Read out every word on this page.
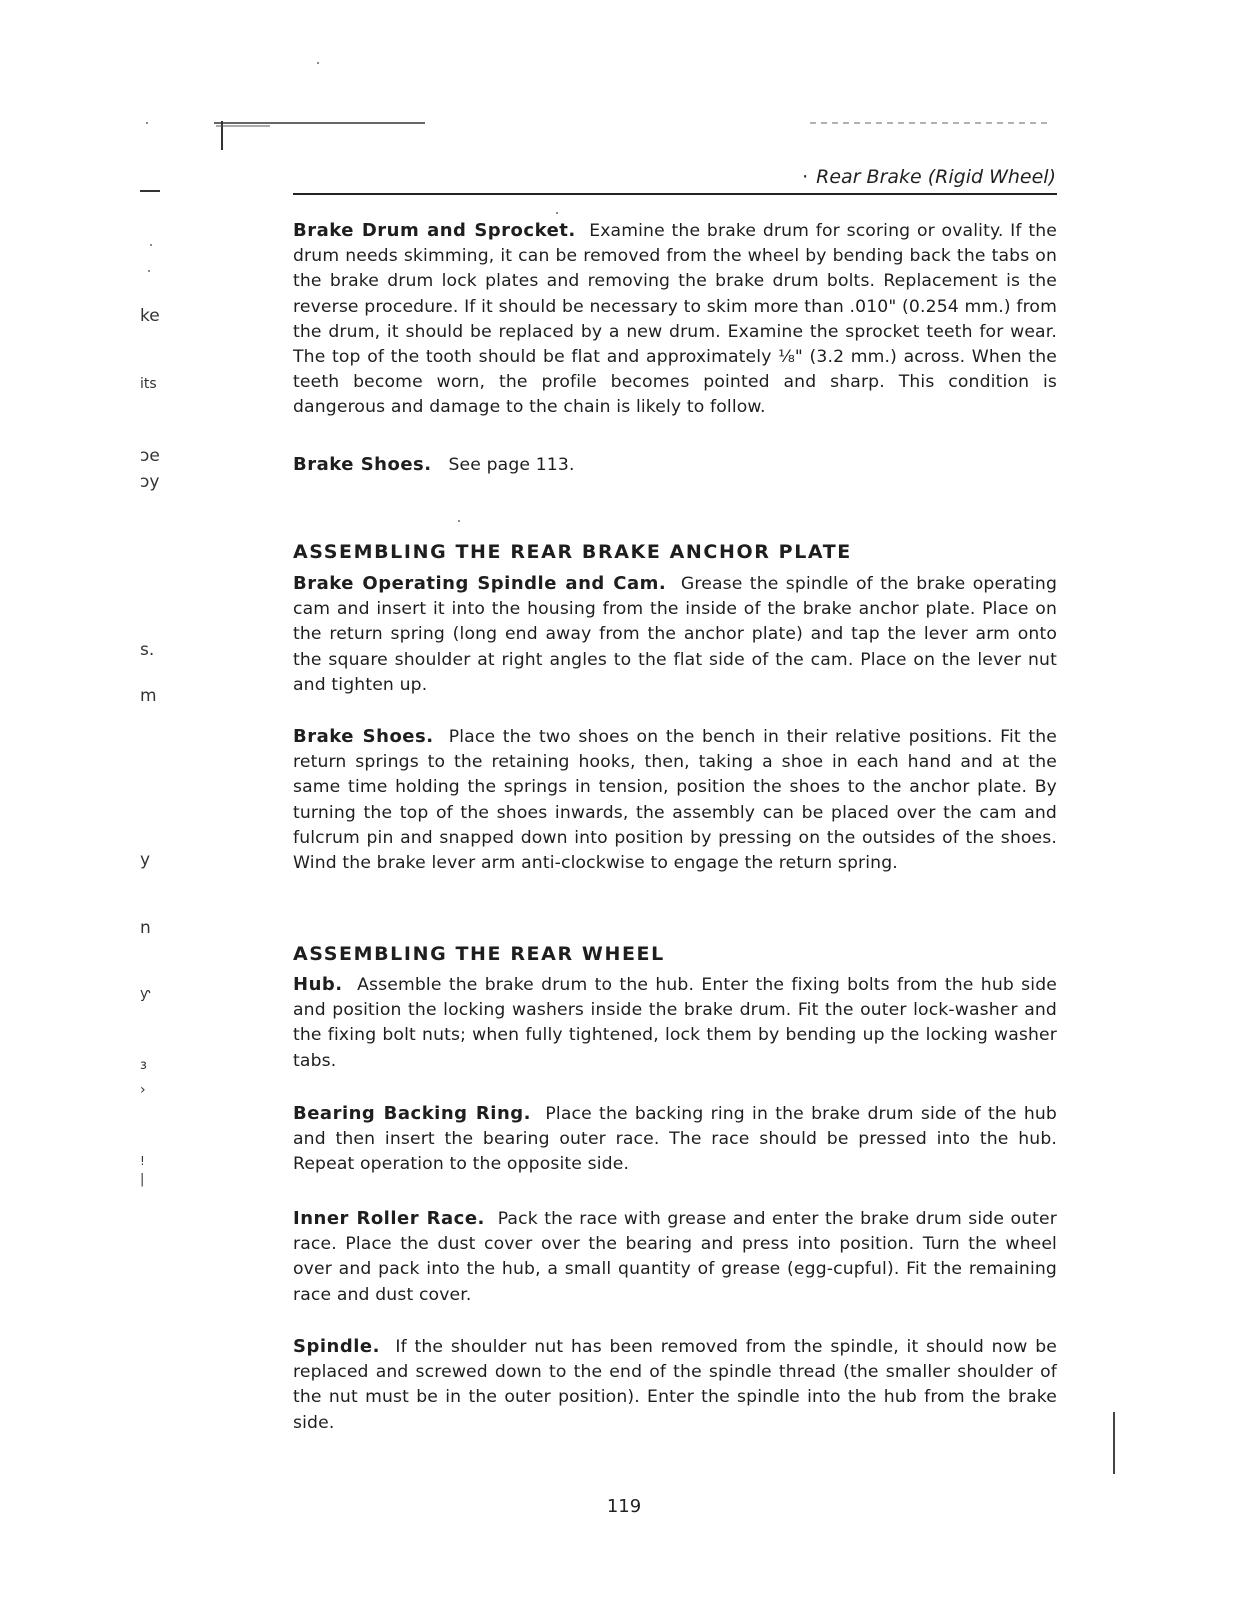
· Rear Brake (Rigid Wheel)
ke
its
ɔe
ɔy
s.
m
y
n
ƴ
ɜ
›
!
|

Brake Drum and Sprocket. Examine the brake drum for scoring or ovality. If the drum needs skimming, it can be removed from the wheel by bending back the tabs on the brake drum lock plates and removing the brake drum bolts. Replacement is the reverse procedure. If it should be necessary to skim more than .010" (0.254 mm.) from the drum, it should be replaced by a new drum. Examine the sprocket teeth for wear. The top of the tooth should be flat and approximately ⅛" (3.2 mm.) across. When the teeth become worn, the profile becomes pointed and sharp. This condition is dangerous and damage to the chain is likely to follow.

Brake Shoes. See page 113.

ASSEMBLING THE REAR BRAKE ANCHOR PLATE

Brake Operating Spindle and Cam. Grease the spindle of the brake operating cam and insert it into the housing from the inside of the brake anchor plate. Place on the return spring (long end away from the anchor plate) and tap the lever arm onto the square shoulder at right angles to the flat side of the cam. Place on the lever nut and tighten up.

Brake Shoes. Place the two shoes on the bench in their relative positions. Fit the return springs to the retaining hooks, then, taking a shoe in each hand and at the same time holding the springs in tension, position the shoes to the anchor plate. By turning the top of the shoes inwards, the assembly can be placed over the cam and fulcrum pin and snapped down into position by pressing on the outsides of the shoes. Wind the brake lever arm anti-clockwise to engage the return spring.

ASSEMBLING THE REAR WHEEL

Hub. Assemble the brake drum to the hub. Enter the fixing bolts from the hub side and position the locking washers inside the brake drum. Fit the outer lock-washer and the fixing bolt nuts; when fully tightened, lock them by bending up the locking washer tabs.

Bearing Backing Ring. Place the backing ring in the brake drum side of the hub and then insert the bearing outer race. The race should be pressed into the hub. Repeat operation to the opposite side.

Inner Roller Race. Pack the race with grease and enter the brake drum side outer race. Place the dust cover over the bearing and press into position. Turn the wheel over and pack into the hub, a small quantity of grease (egg-cupful). Fit the remaining race and dust cover.

Spindle. If the shoulder nut has been removed from the spindle, it should now be replaced and screwed down to the end of the spindle thread (the smaller shoulder of the nut must be in the outer position). Enter the spindle into the hub from the brake side.

119
